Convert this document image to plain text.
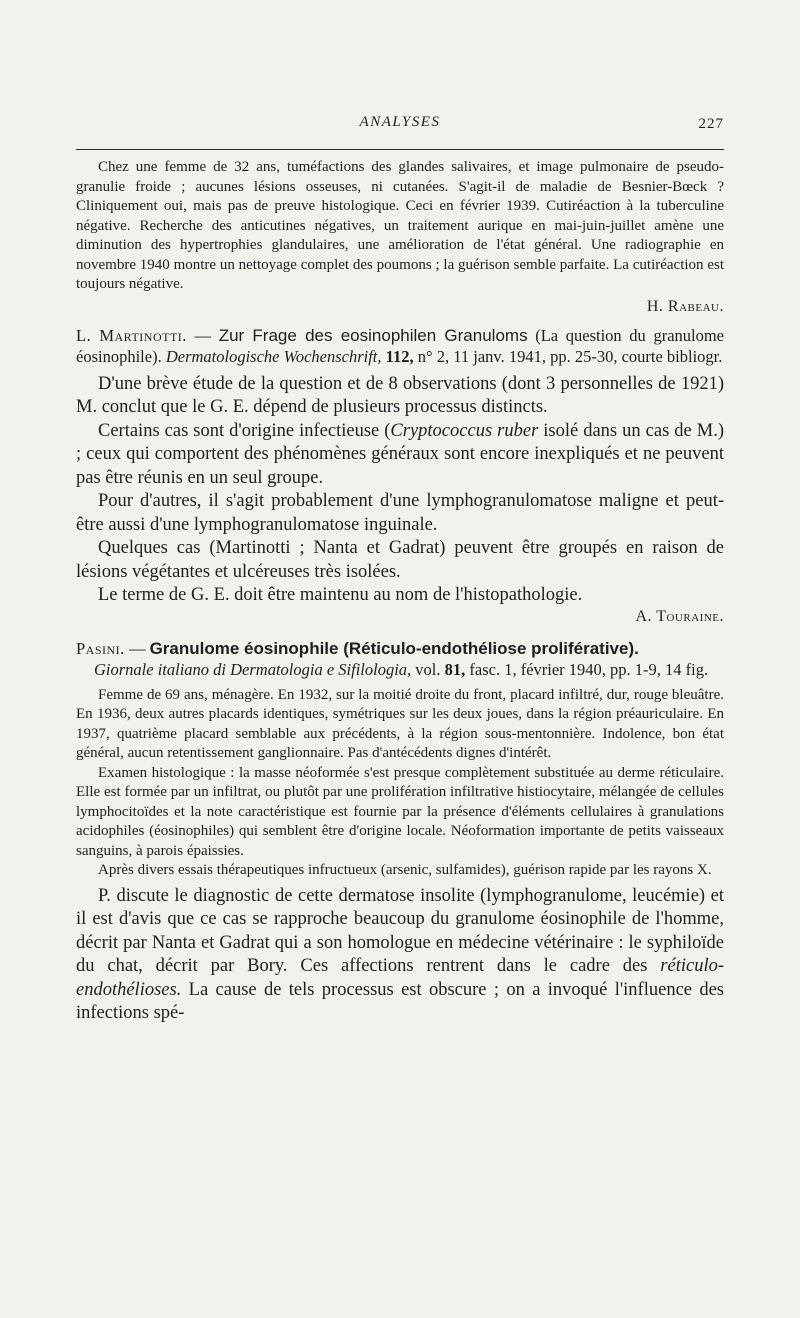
ANALYSES	227

Chez une femme de 32 ans, tuméfactions des glandes salivaires, et image pulmonaire de pseudo-granulie froide ; aucunes lésions osseuses, ni cutanées. S'agit-il de maladie de Besnier-Bœck ? Cliniquement oui, mais pas de preuve histologique. Ceci en février 1939. Cutiréaction à la tuberculine négative. Recherche des anticutines négatives, un traitement aurique en mai-juin-juillet amène une diminution des hypertrophies glandulaires, une amélioration de l'état général. Une radiographie en novembre 1940 montre un nettoyage complet des poumons ; la guérison semble parfaite. La cutiréaction est toujours négative.

H. Rabeau.

L. Martinotti. — Zur Frage des eosinophilen Granuloms (La question du granulome éosinophile). Dermatologische Wochenschrift, 112, n° 2, 11 janv. 1941, pp. 25-30, courte bibliogr.

D'une brève étude de la question et de 8 observations (dont 3 personnelles de 1921) M. conclut que le G. E. dépend de plusieurs processus distincts.

Certains cas sont d'origine infectieuse (Cryptococcus ruber isolé dans un cas de M.) ; ceux qui comportent des phénomènes généraux sont encore inexpliqués et ne peuvent pas être réunis en un seul groupe.

Pour d'autres, il s'agit probablement d'une lymphogranulomatose maligne et peut-être aussi d'une lymphogranulomatose inguinale.

Quelques cas (Martinotti ; Nanta et Gadrat) peuvent être groupés en raison de lésions végétantes et ulcéreuses très isolées.

Le terme de G. E. doit être maintenu au nom de l'histopathologie.

A. Touraine.

Pasini. — Granulome éosinophile (Réticulo-endothéliose proliférative).

Giornale italiano di Dermatologia e Sifilologia, vol. 81, fasc. 1, février 1940, pp. 1-9, 14 fig.

Femme de 69 ans, ménagère. En 1932, sur la moitié droite du front, placard infiltré, dur, rouge bleuâtre. En 1936, deux autres placards identiques, symétriques sur les deux joues, dans la région préauriculaire. En 1937, quatrième placard semblable aux précédents, à la région sous-mentonnière. Indolence, bon état général, aucun retentissement ganglionnaire. Pas d'antécédents dignes d'intérêt.

Examen histologique : la masse néoformée s'est presque complètement substituée au derme réticulaire. Elle est formée par un infiltrat, ou plutôt par une prolifération infiltrative histiocytaire, mélangée de cellules lymphocitoïdes et la note caractéristique est fournie par la présence d'éléments cellulaires à granulations acidophiles (éosinophiles) qui semblent être d'origine locale. Néoformation importante de petits vaisseaux sanguins, à parois épaissies.

Après divers essais thérapeutiques infructueux (arsenic, sulfamides), guérison rapide par les rayons X.

P. discute le diagnostic de cette dermatose insolite (lymphogranulome, leucémie) et il est d'avis que ce cas se rapproche beaucoup du granulome éosinophile de l'homme, décrit par Nanta et Gadrat qui a son homologue en médecine vétérinaire : le syphiloïde du chat, décrit par Bory. Ces affections rentrent dans le cadre des réticulo-endothélioses. La cause de tels processus est obscure ; on a invoqué l'influence des infections spé-
